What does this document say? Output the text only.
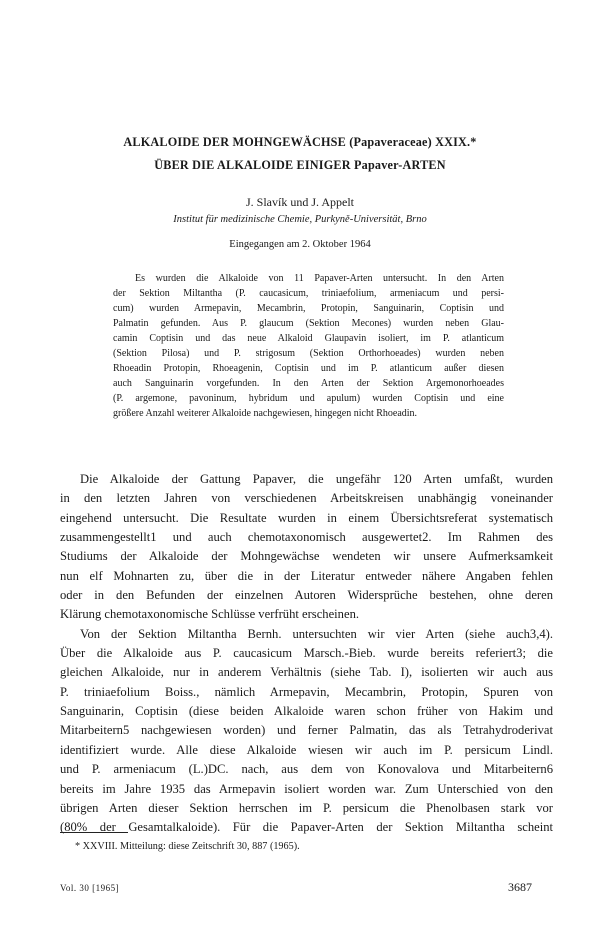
ALKALOIDE DER MOHNGEWÄCHSE (Papaveraceae) XXIX.*
ÜBER DIE ALKALOIDE EINIGER Papaver-ARTEN
J. Slavík und J. Appelt
Institut für medizinische Chemie, Purkyně-Universität, Brno
Eingegangen am 2. Oktober 1964
Es wurden die Alkaloide von 11 Papaver-Arten untersucht. In den Arten
der Sektion Miltantha (P. caucasicum, triniaefolium, armeniacum und persi-
cum) wurden Armepavin, Mecambrin, Protopin, Sanguinarin, Coptisin und
Palmatin gefunden. Aus P. glaucum (Sektion Mecones) wurden neben Glau-
camin Coptisin und das neue Alkaloid Glaupavin isoliert, im P. atlanticum
(Sektion Pilosa) und P. strigosum (Sektion Orthorhoeades) wurden neben
Rhoeadin Protopin, Rhoeagenin, Coptisin und im P. atlanticum außer diesen
auch Sanguinarin vorgefunden. In den Arten der Sektion Argemonorhoeades
(P. argemone, pavoninum, hybridum und apulum) wurden Coptisin und eine
größere Anzahl weiterer Alkaloide nachgewiesen, hingegen nicht Rhoeadin.
Die Alkaloide der Gattung Papaver, die ungefähr 120 Arten umfaßt, wurden
in den letzten Jahren von verschiedenen Arbeitskreisen unabhängig voneinander
eingehend untersucht. Die Resultate wurden in einem Übersichtsreferat systematisch
zusammengestellt1 und auch chemotaxonomisch ausgewertet2. Im Rahmen des
Studiums der Alkaloide der Mohngewächse wendeten wir unsere Aufmerksamkeit
nun elf Mohnarten zu, über die in der Literatur entweder nähere Angaben fehlen
oder in den Befunden der einzelnen Autoren Widersprüche bestehen, ohne deren
Klärung chemotaxonomische Schlüsse verfrüht erscheinen.
Von der Sektion Miltantha Bernh. untersuchten wir vier Arten (siehe auch3,4).
Über die Alkaloide aus P. caucasicum Marsch.-Bieb. wurde bereits referiert3; die
gleichen Alkaloide, nur in anderem Verhältnis (siehe Tab. I), isolierten wir auch aus
P. triniaefolium Boiss., nämlich Armepavin, Mecambrin, Protopin, Spuren von
Sanguinarin, Coptisin (diese beiden Alkaloide waren schon früher von Hakim und
Mitarbeitern5 nachgewiesen worden) und ferner Palmatin, das als Tetrahydroderivat
identifiziert wurde. Alle diese Alkaloide wiesen wir auch im P. persicum Lindl.
und P. armeniacum (L.)DC. nach, aus dem von Konovalova und Mitarbeitern6
bereits im Jahre 1935 das Armepavin isoliert worden war. Zum Unterschied von den
übrigen Arten dieser Sektion herrschen im P. persicum die Phenolbasen stark vor
(80% der Gesamtalkaloide). Für die Papaver-Arten der Sektion Miltantha scheint
* XXVIII. Mitteilung: diese Zeitschrift 30, 887 (1965).
Vol. 30 [1965]	3687
